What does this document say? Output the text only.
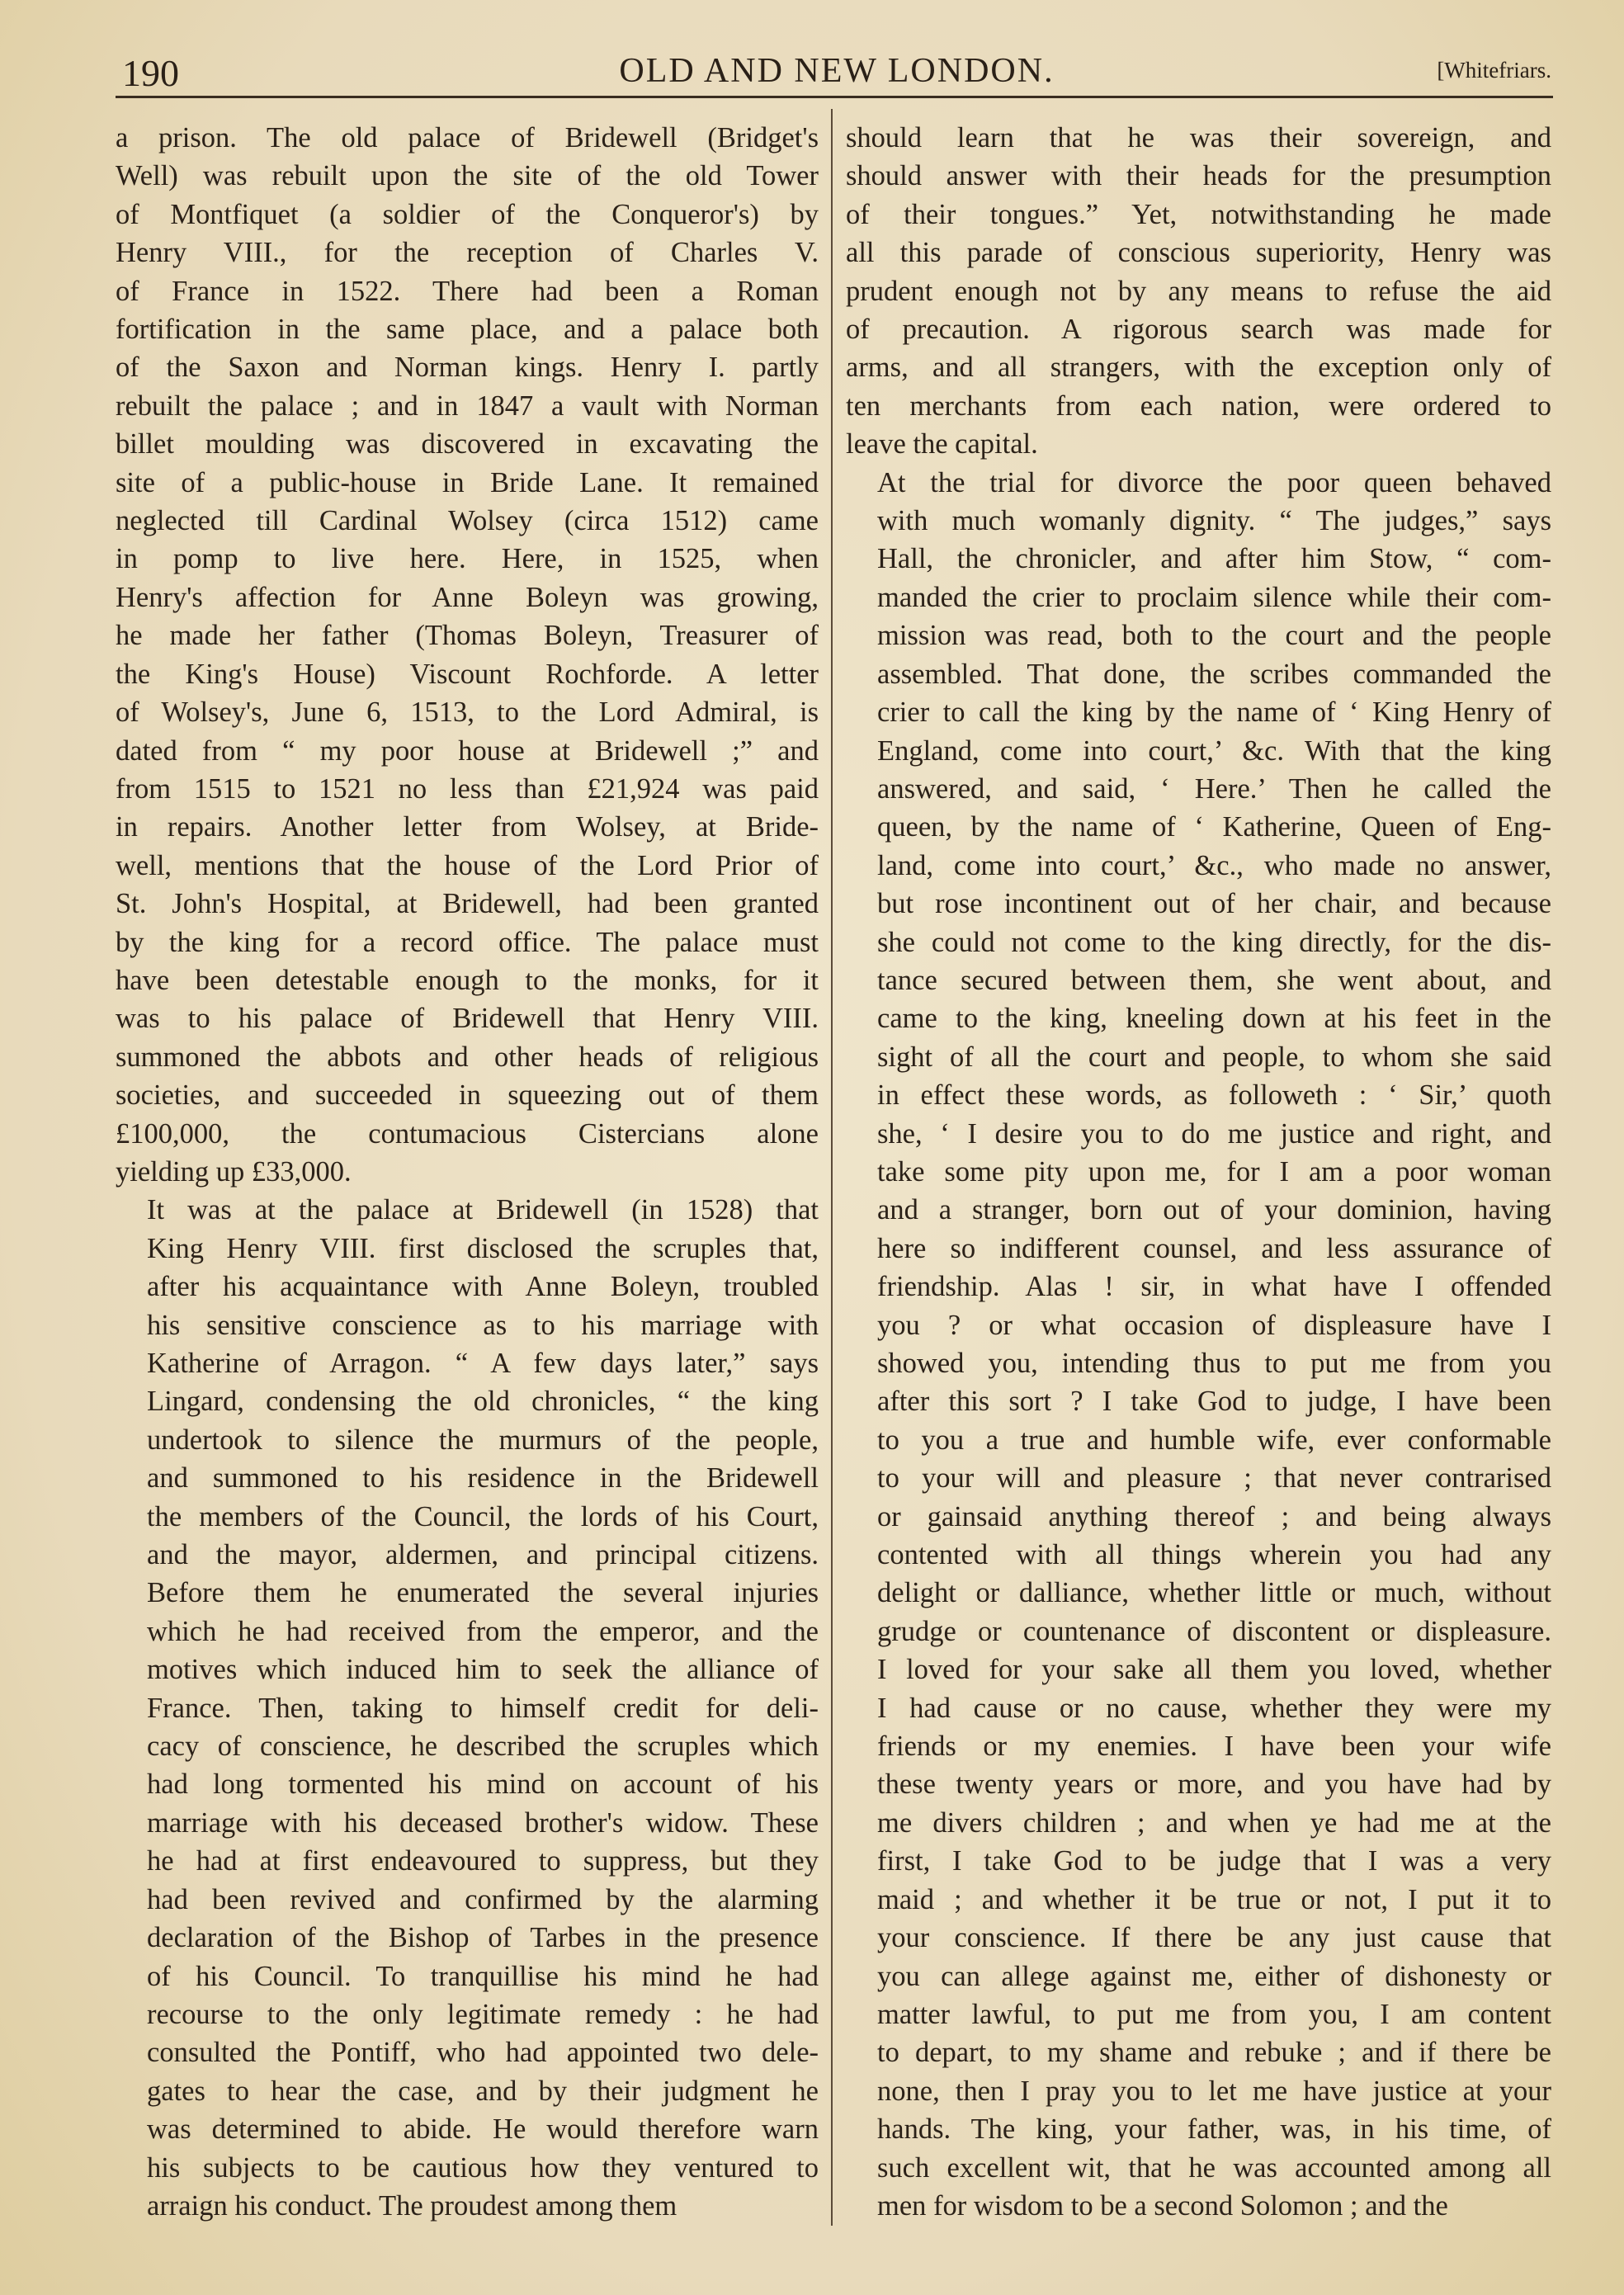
190	OLD AND NEW LONDON.	[Whitefriars.

a prison. The old palace of Bridewell (Bridget's
Well) was rebuilt upon the site of the old Tower
of Montfiquet (a soldier of the Conqueror's) by
Henry VIII., for the reception of Charles V.
of France in 1522. There had been a Roman
fortification in the same place, and a palace both
of the Saxon and Norman kings. Henry I. partly
rebuilt the palace ; and in 1847 a vault with Norman
billet moulding was discovered in excavating the
site of a public-house in Bride Lane. It remained
neglected till Cardinal Wolsey (circa 1512) came
in pomp to live here. Here, in 1525, when
Henry's affection for Anne Boleyn was growing,
he made her father (Thomas Boleyn, Treasurer of
the King's House) Viscount Rochforde. A letter
of Wolsey's, June 6, 1513, to the Lord Admiral, is
dated from “ my poor house at Bridewell ;” and
from 1515 to 1521 no less than £21,924 was paid
in repairs. Another letter from Wolsey, at Bride-
well, mentions that the house of the Lord Prior of
St. John's Hospital, at Bridewell, had been granted
by the king for a record office. The palace must
have been detestable enough to the monks, for it
was to his palace of Bridewell that Henry VIII.
summoned the abbots and other heads of religious
societies, and succeeded in squeezing out of them
£100,000, the contumacious Cistercians alone
yielding up £33,000.

It was at the palace at Bridewell (in 1528) that
King Henry VIII. first disclosed the scruples that,
after his acquaintance with Anne Boleyn, troubled
his sensitive conscience as to his marriage with
Katherine of Arragon. “ A few days later,” says
Lingard, condensing the old chronicles, “ the king
undertook to silence the murmurs of the people,
and summoned to his residence in the Bridewell
the members of the Council, the lords of his Court,
and the mayor, aldermen, and principal citizens.
Before them he enumerated the several injuries
which he had received from the emperor, and the
motives which induced him to seek the alliance of
France. Then, taking to himself credit for deli-
cacy of conscience, he described the scruples which
had long tormented his mind on account of his
marriage with his deceased brother's widow. These
he had at first endeavoured to suppress, but they
had been revived and confirmed by the alarming
declaration of the Bishop of Tarbes in the presence
of his Council. To tranquillise his mind he had
recourse to the only legitimate remedy : he had
consulted the Pontiff, who had appointed two dele-
gates to hear the case, and by their judgment he
was determined to abide. He would therefore warn
his subjects to be cautious how they ventured to
arraign his conduct. The proudest among them

should learn that he was their sovereign, and
should answer with their heads for the presumption
of their tongues.” Yet, notwithstanding he made
all this parade of conscious superiority, Henry was
prudent enough not by any means to refuse the aid
of precaution. A rigorous search was made for
arms, and all strangers, with the exception only of
ten merchants from each nation, were ordered to
leave the capital.

At the trial for divorce the poor queen behaved
with much womanly dignity. “ The judges,” says
Hall, the chronicler, and after him Stow, “ com-
manded the crier to proclaim silence while their com-
mission was read, both to the court and the people
assembled. That done, the scribes commanded the
crier to call the king by the name of ‘ King Henry of
England, come into court,’ &c. With that the king
answered, and said, ‘ Here.’ Then he called the
queen, by the name of ‘ Katherine, Queen of Eng-
land, come into court,’ &c., who made no answer,
but rose incontinent out of her chair, and because
she could not come to the king directly, for the dis-
tance secured between them, she went about, and
came to the king, kneeling down at his feet in the
sight of all the court and people, to whom she said
in effect these words, as followeth : ‘ Sir,’ quoth
she, ‘ I desire you to do me justice and right, and
take some pity upon me, for I am a poor woman
and a stranger, born out of your dominion, having
here so indifferent counsel, and less assurance of
friendship. Alas ! sir, in what have I offended
you ? or what occasion of displeasure have I
showed you, intending thus to put me from you
after this sort ? I take God to judge, I have been
to you a true and humble wife, ever conformable
to your will and pleasure ; that never contrarised
or gainsaid anything thereof ; and being always
contented with all things wherein you had any
delight or dalliance, whether little or much, without
grudge or countenance of discontent or displeasure.
I loved for your sake all them you loved, whether
I had cause or no cause, whether they were my
friends or my enemies. I have been your wife
these twenty years or more, and you have had by
me divers children ; and when ye had me at the
first, I take God to be judge that I was a very
maid ; and whether it be true or not, I put it to
your conscience. If there be any just cause that
you can allege against me, either of dishonesty or
matter lawful, to put me from you, I am content
to depart, to my shame and rebuke ; and if there be
none, then I pray you to let me have justice at your
hands. The king, your father, was, in his time, of
such excellent wit, that he was accounted among all
men for wisdom to be a second Solomon ; and the
